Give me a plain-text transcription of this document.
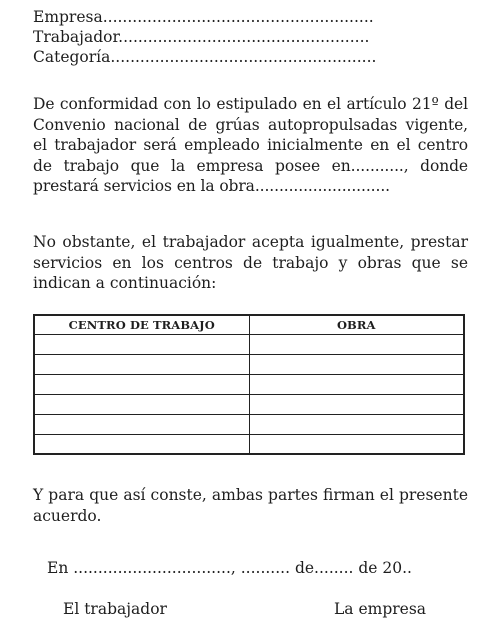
Empresa.......................................................
Trabajador...................................................
Categoría......................................................
De conformidad con lo estipulado en el artículo 21º del Convenio nacional de grúas autopropulsadas vigente, el trabajador será empleado inicialmente en el centro de trabajo que la empresa posee en..........., donde prestará servicios en la obra............................
No obstante, el trabajador acepta igualmente, prestar servicios en los centros de trabajo y obras que se indican a continuación:
CENTRO DE TRABAJO	OBRA

Y para que así conste, ambas partes firman el presente acuerdo.
En ................................, .......... de........ de 20..
El trabajador	La empresa
